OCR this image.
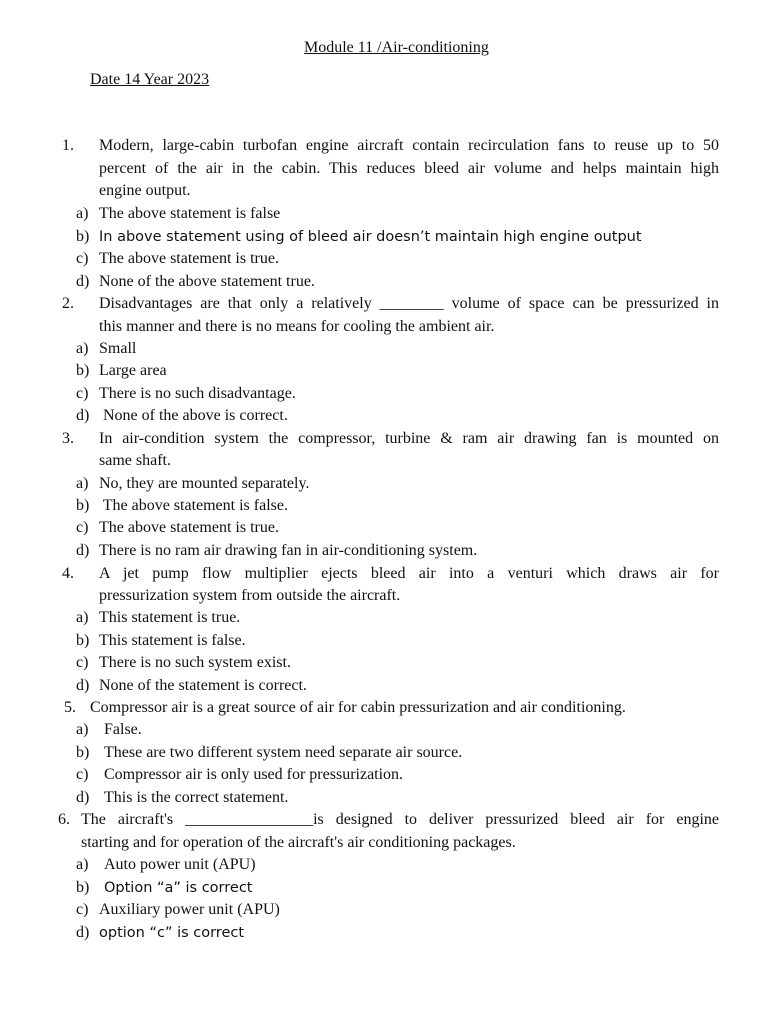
Module 11 /Air-conditioning
Date 14 Year 2023
1. Modern, large-cabin turbofan engine aircraft contain recirculation fans to reuse up to 50
percent of the air in the cabin. This reduces bleed air volume and helps maintain high
engine output.
a) The above statement is false
b) In above statement using of bleed air doesn’t maintain high engine output
c) The above statement is true.
d) None of the above statement true.
2. Disadvantages are that only a relatively ________ volume of space can be pressurized in
this manner and there is no means for cooling the ambient air.
a) Small
b) Large area
c) There is no such disadvantage.
d) None of the above is correct.
3. In air-condition system the compressor, turbine & ram air drawing fan is mounted on
same shaft.
a) No, they are mounted separately.
b) The above statement is false.
c) The above statement is true.
d) There is no ram air drawing fan in air-conditioning system.
4. A jet pump flow multiplier ejects bleed air into a venturi which draws air for
pressurization system from outside the aircraft.
a) This statement is true.
b) This statement is false.
c) There is no such system exist.
d) None of the statement is correct.
5. Compressor air is a great source of air for cabin pressurization and air conditioning.
a) False.
b) These are two different system need separate air source.
c) Compressor air is only used for pressurization.
d) This is the correct statement.
6. The aircraft's ________________is designed to deliver pressurized bleed air for engine
starting and for operation of the aircraft's air conditioning packages.
a) Auto power unit (APU)
b) Option “a” is correct
c) Auxiliary power unit (APU)
d) option “c” is correct
